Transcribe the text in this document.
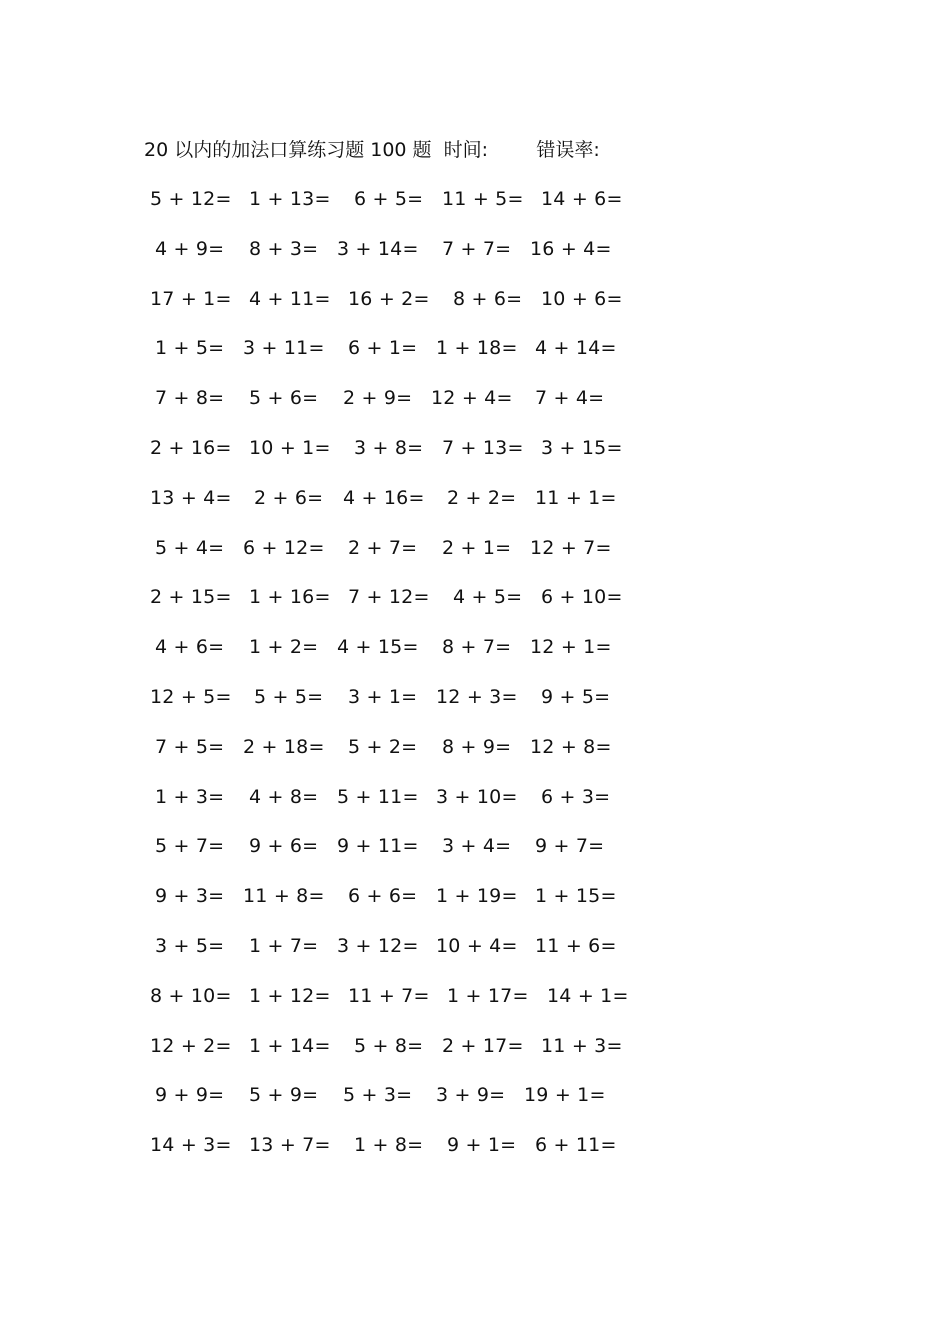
20 以内的加法口算练习题 100 题  时间:        错误率:
5 + 12= 1 + 13= 6 + 5= 11 + 5= 14 + 6=
4 + 9= 8 + 3= 3 + 14= 7 + 7= 16 + 4=
17 + 1= 4 + 11= 16 + 2= 8 + 6= 10 + 6=
1 + 5= 3 + 11= 6 + 1= 1 + 18= 4 + 14=
7 + 8= 5 + 6= 2 + 9= 12 + 4= 7 + 4=
2 + 16= 10 + 1= 3 + 8= 7 + 13= 3 + 15=
13 + 4= 2 + 6= 4 + 16= 2 + 2= 11 + 1=
5 + 4= 6 + 12= 2 + 7= 2 + 1= 12 + 7=
2 + 15= 1 + 16= 7 + 12= 4 + 5= 6 + 10=
4 + 6= 1 + 2= 4 + 15= 8 + 7= 12 + 1=
12 + 5= 5 + 5= 3 + 1= 12 + 3= 9 + 5=
7 + 5= 2 + 18= 5 + 2= 8 + 9= 12 + 8=
1 + 3= 4 + 8= 5 + 11= 3 + 10= 6 + 3=
5 + 7= 9 + 6= 9 + 11= 3 + 4= 9 + 7=
9 + 3= 11 + 8= 6 + 6= 1 + 19= 1 + 15=
3 + 5= 1 + 7= 3 + 12= 10 + 4= 11 + 6=
8 + 10= 1 + 12= 11 + 7= 1 + 17= 14 + 1=
12 + 2= 1 + 14= 5 + 8= 2 + 17= 11 + 3=
9 + 9= 5 + 9= 5 + 3= 3 + 9= 19 + 1=
14 + 3= 13 + 7= 1 + 8= 9 + 1= 6 + 11=
